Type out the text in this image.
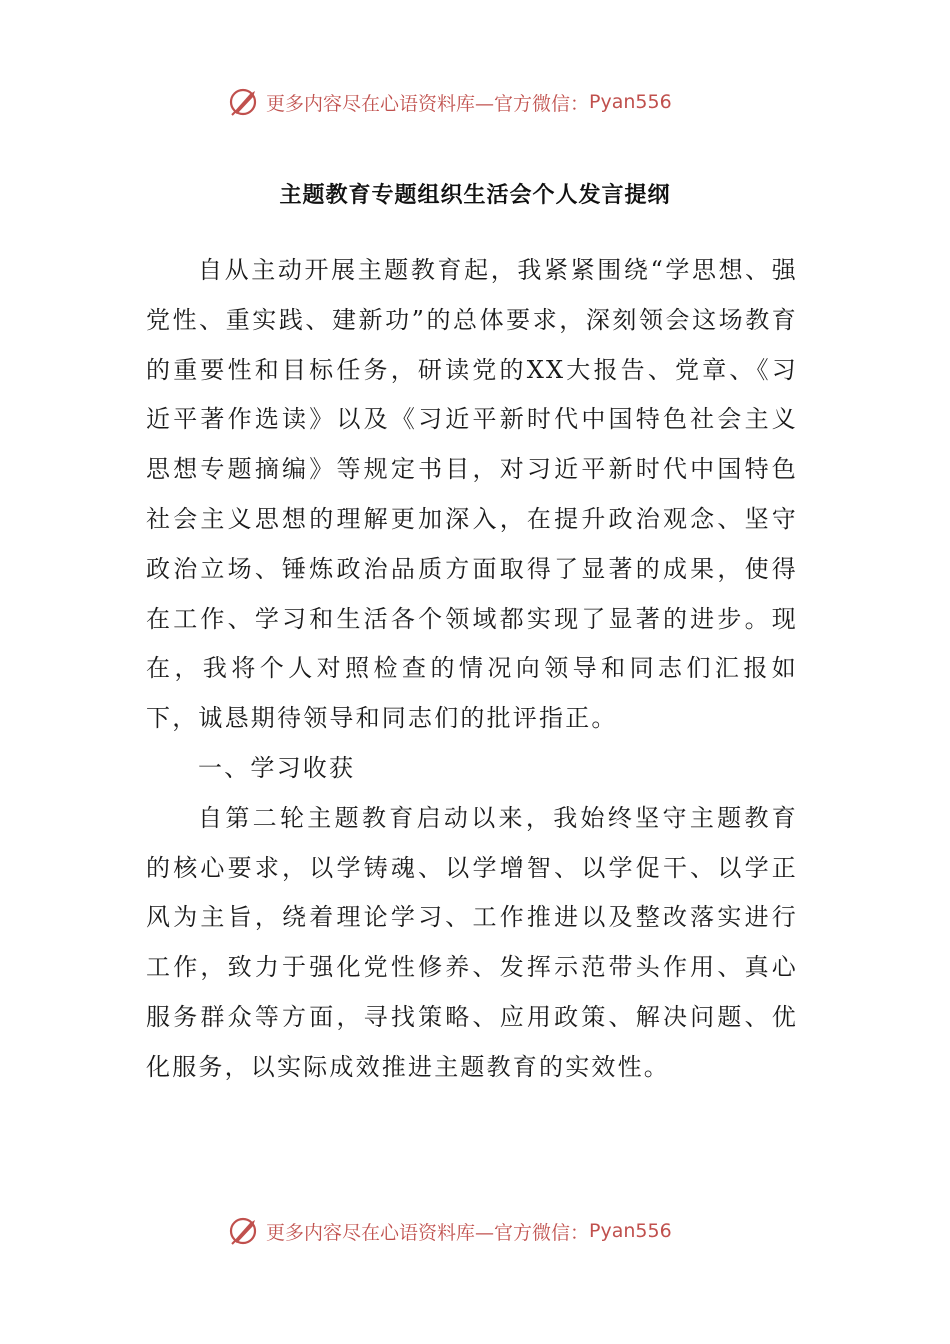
更多内容尽在心语资料库—官方微信： Pyan556
主题教育专题组织生活会个人发言提纲

自从主动开展主题教育起，我紧紧围绕“学思想、强党性、重实践、建新功”的总体要求，深刻领会这场教育的重要性和目标任务，研读党的XX大报告、党章、《习近平著作选读》以及《习近平新时代中国特色社会主义思想专题摘编》等规定书目，对习近平新时代中国特色社会主义思想的理解更加深入，在提升政治观念、坚守政治立场、锤炼政治品质方面取得了显著的成果，使得在工作、学习和生活各个领域都实现了显著的进步。现在，我将个人对照检查的情况向领导和同志们汇报如下，诚恳期待领导和同志们的批评指正。

一、学习收获

自第二轮主题教育启动以来，我始终坚守主题教育的核心要求，以学铸魂、以学增智、以学促干、以学正风为主旨，绕着理论学习、工作推进以及整改落实进行工作，致力于强化党性修养、发挥示范带头作用、真心服务群众等方面，寻找策略、应用政策、解决问题、优化服务，以实际成效推进主题教育的实效性。

更多内容尽在心语资料库—官方微信： Pyan556
